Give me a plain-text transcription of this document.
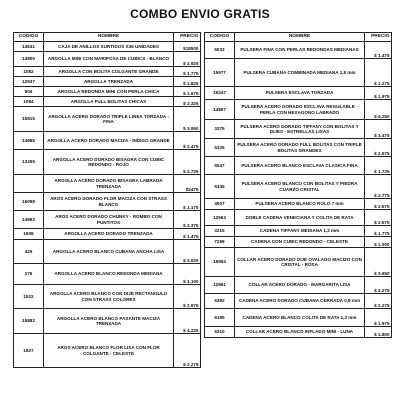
COMBO ENVIO GRATIS
CODIGO	NOMBRE	PRECIO
14631	CAJA DE ANILLOS SURTIDOS X36 UNIDADES	$18500
13800	ARGOLLA MINI CON MARIPOSA DE CUBICS - BLANCO	$ 2.925
1082	ARGOLLA CON BOLITA COLGANTE GRANDE	$ 1.775
12937	ARGOLLA TRENZADA	$ 1.825
904	ARGOLLA REDONDA MINI CON PERLA CHICA	$ 1.675
1084	ARGOLLA FULL BOLITAS CHICAS	$ 2.325
15815	ARGOLLA ACERO DORADO TRIPLE LINEA TORZADA - FINA	$ 3.950
14985	ARGOLLA ACERO DORADO MACIZA - INDIGO GRANDE	$ 2.475
13255	ARGOLLA ACERO DORADO BISAGRA CON CUBIC REDONDO - ROJO	$ 2.725
	ARGOLLA ACERO DORADO BISAGRA LABRADA TRENZADA	$2475
16098	AROS ACERO DORADO FLOR MACIZA CON STRASS BLANCO	$ 1.175
14993	AROS ACERO DORADO CHUNKY - ROMBO CON PUNTITOS	$ 2.375
1608	ARGOLLA ACERO DORADO TRENZADA	$ 1.475
425	ARGOLLA ACERO BLANCO CUBANA ANCHA LISA	$ 3.625
276	ARGOLLA ACERO BLANCO REDONDA MEDIANA	$ 1.100
1522	ARGOLLA ACERO BLANCO CON DIJE RECTANGULO CON STRASS COLORES	$ 2.975
15882	ARGOLLA ACERO BLANCO PASANTE MACIZA TRENZADA	$ 4.225
1927	AROS ACERO BLANCO FLOR LISA CON FLOR COLGANTE - CELESTE	$ 2.275
CODIGO	NOMBRE	PRECIO
5033	PULSERA FINA CON PERLAS REDONDAS MEDIANAS	$ 1.475
15977	PULSERA CUBANA COMBINADA MEDIANA 1,8 mm	$ 1.275
16247	PULSERA ESCLAVA TORZADA	$ 1.975
14867	PULSERA ACERO DORADO ESCLAVA REGULABLE - PERLA CON HEXAGONO LABRADO	$ 4.250
3375	PULSERA ACERO DORADO TIFFANY CON BOLITAS Y DIJES - ESTRELLAS LISAS	$ 3.475
5325	PULSERA ACERO DORADO FULL BOLITAS CON TRIPLE BOLITAS GRANDES	$ 2.575
5547	PULSERA ACERO BLANCO ESCLAVA CLASICA FINA	$ 1.725
5345	PULSERA ACERO BLANCO CON BOLITAS Y PIEDRA CUARZO CRISTAL	$ 2.775
4507	PULSERA ACERO BLANCO ROLO 7 mm	$ 2.575
12563	DOBLE CADENA VENECIANA Y COLITA DE RATA	$ 2.575
3215	CADENA TIFFANY MEDIANA 1,2 mm	$ 1.775
7299	CADENA CON CUBIC REDONDO - CELESTE	$ 1.500
15954	COLLAR ACERO DORADO DIJE OVALADO MACIZO CON CRISTAL - ROSA	$ 3.650
12961	COLLAR ACERO DORADO - MARGARITA LISA	$ 2.275
6392	CADENA ACERO DORADO CUBANA CERRADA 0,8 mm	$ 2.275
6195	CADENA ACERO BLANCO COLITA DE RATA 1,2 mm	$ 1.975
6310	COLLAR ACERO BLANCO INFLADO MINI - LUNA	$ 1.800
